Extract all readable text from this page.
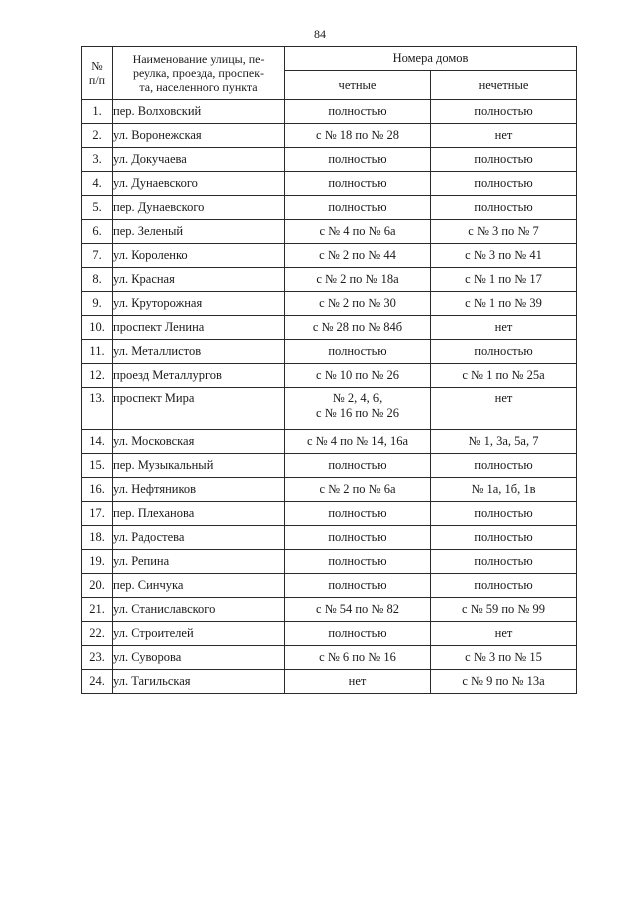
84
№
п/п	Наименование улицы, пе-
реулка, проезда, проспек-
та, населенного пункта	Номера домов	
		четные	нечетные
1.	пер. Волховский	полностью	полностью
2.	ул. Воронежская	с № 18 по № 28	нет
3.	ул. Докучаева	полностью	полностью
4.	ул. Дунаевского	полностью	полностью
5.	пер. Дунаевского	полностью	полностью
6.	пер. Зеленый	с № 4 по № 6а	с № 3 по № 7
7.	ул. Короленко	с № 2 по № 44	с № 3 по № 41
8.	ул. Красная	с № 2 по № 18а	с № 1 по № 17
9.	ул. Круторожная	с № 2 по № 30	с № 1 по № 39
10.	проспект Ленина	с № 28 по № 84б	нет
11.	ул. Металлистов	полностью	полностью
12.	проезд Металлургов	с № 10 по № 26	с № 1 по № 25а
13.	проспект Мира	№ 2, 4, 6,
с № 16 по № 26	нет
14.	ул. Московская	с № 4 по № 14, 16а	№ 1, 3а, 5а, 7
15.	пер. Музыкальный	полностью	полностью
16.	ул. Нефтяников	с № 2 по № 6а	№ 1а, 1б, 1в
17.	пер. Плеханова	полностью	полностью
18.	ул. Радостева	полностью	полностью
19.	ул. Репина	полностью	полностью
20.	пер. Синчука	полностью	полностью
21.	ул. Станиславского	с № 54 по № 82	с № 59 по № 99
22.	ул. Строителей	полностью	нет
23.	ул. Суворова	с № 6 по № 16	с № 3 по № 15
24.	ул. Тагильская	нет	с № 9 по № 13а
